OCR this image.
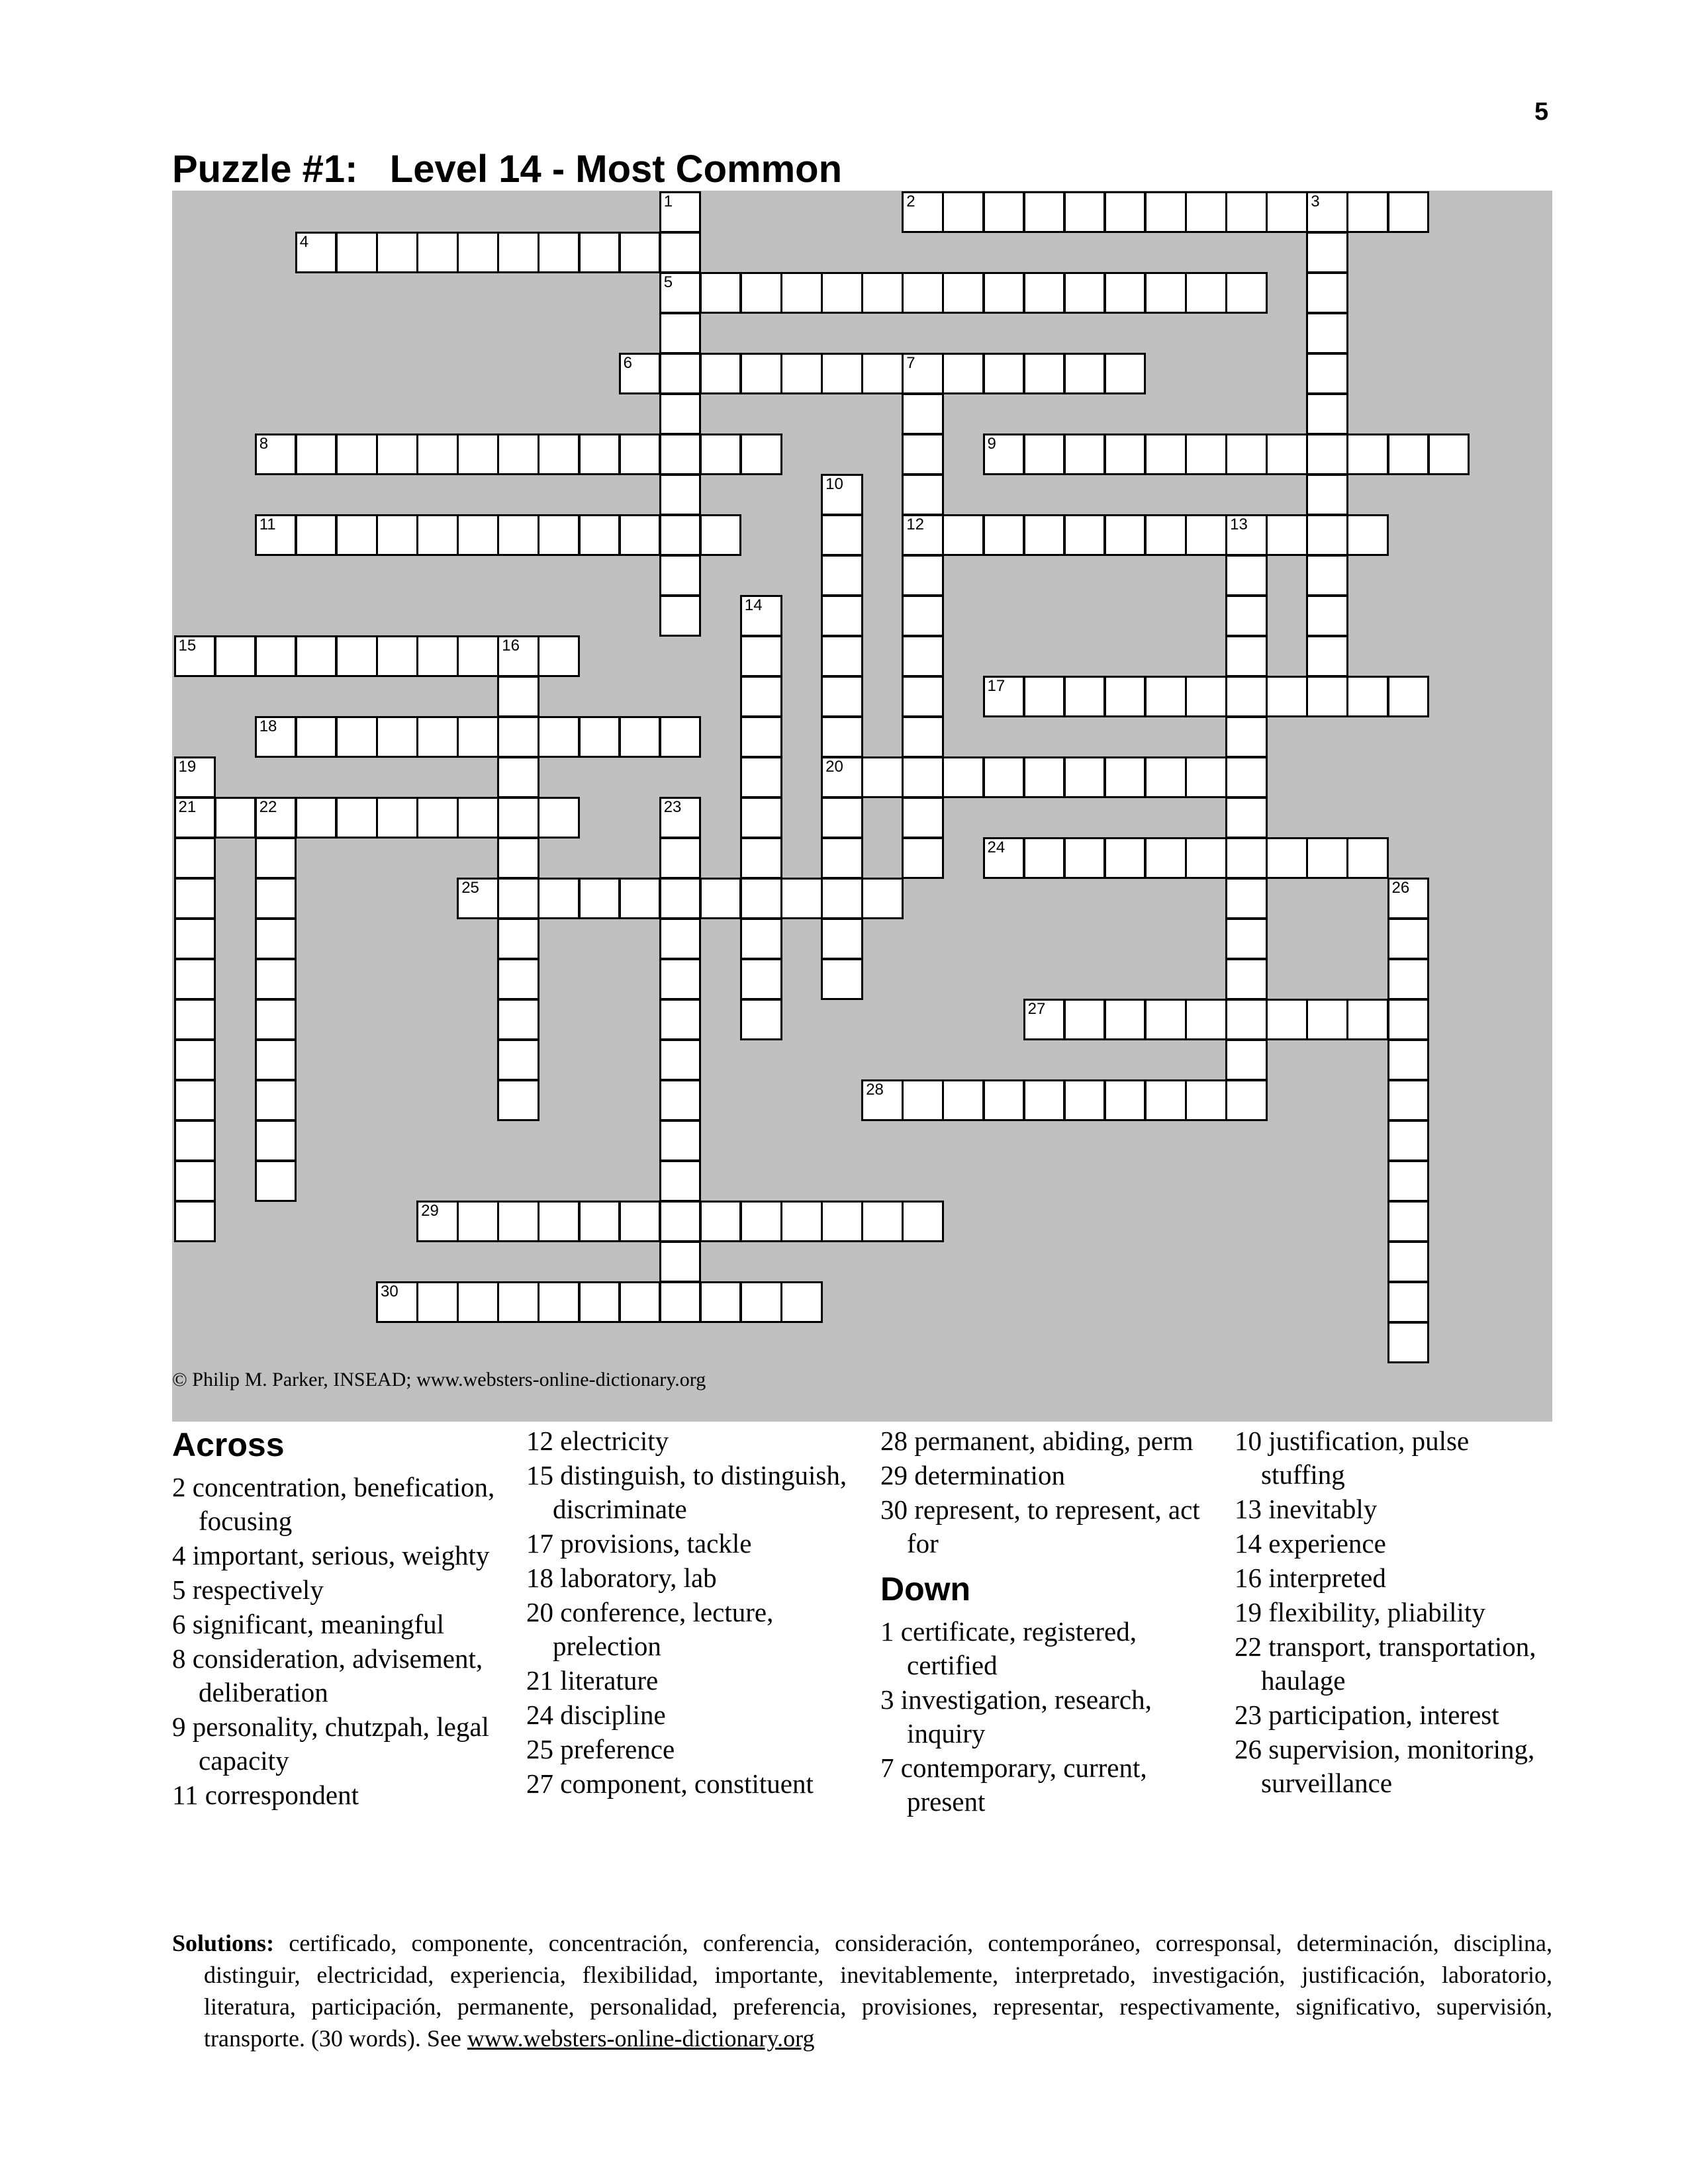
5
Puzzle #1:   Level 14 - Most Common
1
5
2	3
4
6	7
12
8	9
10
20
11	13
14
15	16
17
18
19
21	22	23
24
25	26
27
28
29
30
© Philip M. Parker, INSEAD; www.websters-online-dictionary.org
Across
2 concentration, benefication, focusing
4 important, serious, weighty
5 respectively
6 significant, meaningful
8 consideration, advisement, deliberation
9 personality, chutzpah, legal capacity
11 correspondent
12 electricity
15 distinguish, to distinguish, discriminate
17 provisions, tackle
18 laboratory, lab
20 conference, lecture, prelection
21 literature
24 discipline
25 preference
27 component, constituent
28 permanent, abiding, perm
29 determination
30 represent, to represent, act for
Down
1 certificate, registered, certified
3 investigation, research, inquiry
7 contemporary, current, present
10 justification, pulse stuffing
13 inevitably
14 experience
16 interpreted
19 flexibility, pliability
22 transport, transportation, haulage
23 participation, interest
26 supervision, monitoring, surveillance
Solutions: certificado, componente, concentración, conferencia, consideración, contemporáneo, corresponsal, determinación, disciplina, distinguir, electricidad, experiencia, flexibilidad, importante, inevitablemente, interpretado, investigación, justificación, laboratorio, literatura, participación, permanente, personalidad, preferencia, provisiones, representar, respectivamente, significativo, supervisión, transporte. (30 words). See www.websters-online-dictionary.org
